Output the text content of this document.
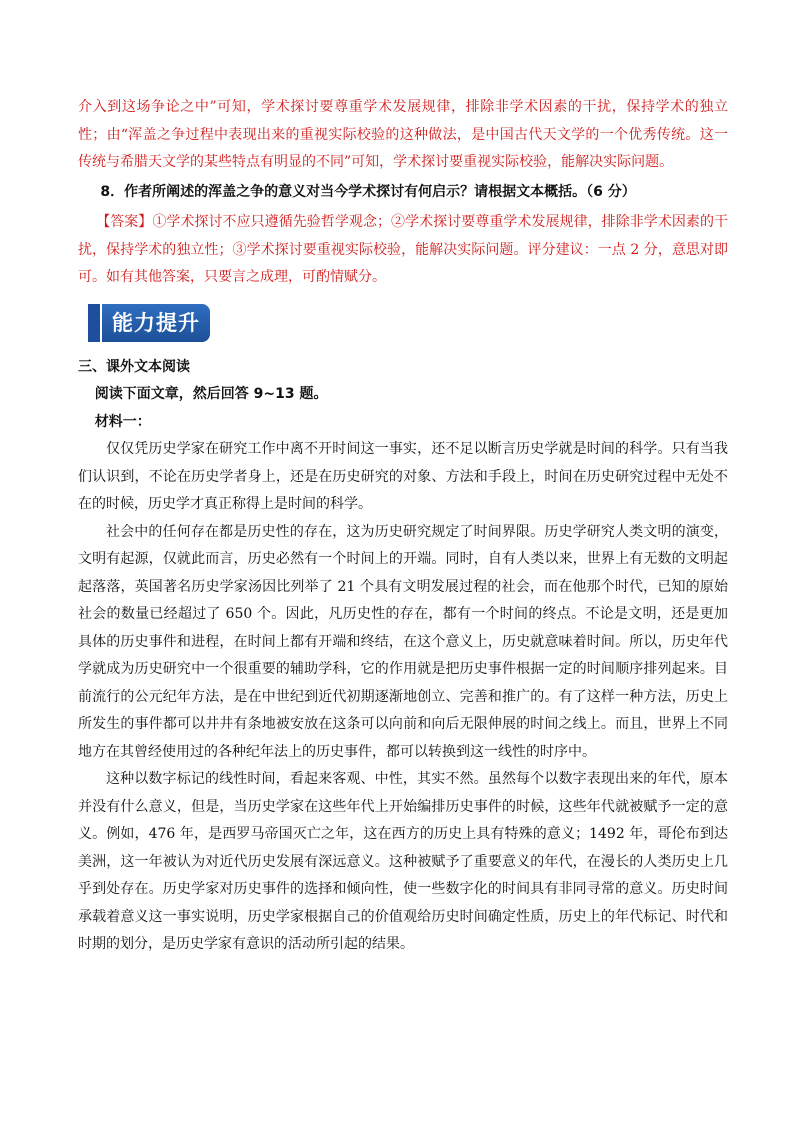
介入到这场争论之中”可知，学术探讨要尊重学术发展规律，排除非学术因素的干扰，保持学术的独立性；由“浑盖之争过程中表现出来的重视实际校验的这种做法，是中国古代天文学的一个优秀传统。这一传统与希腊天文学的某些特点有明显的不同”可知，学术探讨要重视实际校验，能解决实际问题。

8．作者所阐述的浑盖之争的意义对当今学术探讨有何启示？请根据文本概括。（6 分）

【答案】①学术探讨不应只遵循先验哲学观念；②学术探讨要尊重学术发展规律，排除非学术因素的干扰，保持学术的独立性；③学术探讨要重视实际校验，能解决实际问题。评分建议：一点 2 分，意思对即可。如有其他答案，只要言之成理，可酌情赋分。

能力提升

三、课外文本阅读

阅读下面文章，然后回答 9~13 题。

材料一：

仅仅凭历史学家在研究工作中离不开时间这一事实，还不足以断言历史学就是时间的科学。只有当我们认识到，不论在历史学者身上，还是在历史研究的对象、方法和手段上，时间在历史研究过程中无处不在的时候，历史学才真正称得上是时间的科学。

社会中的任何存在都是历史性的存在，这为历史研究规定了时间界限。历史学研究人类文明的演变，文明有起源，仅就此而言，历史必然有一个时间上的开端。同时，自有人类以来，世界上有无数的文明起起落落，英国著名历史学家汤因比列举了 21 个具有文明发展过程的社会，而在他那个时代，已知的原始社会的数量已经超过了 650 个。因此，凡历史性的存在，都有一个时间的终点。不论是文明，还是更加具体的历史事件和进程，在时间上都有开端和终结，在这个意义上，历史就意味着时间。所以，历史年代学就成为历史研究中一个很重要的辅助学科，它的作用就是把历史事件根据一定的时间顺序排列起来。目前流行的公元纪年方法，是在中世纪到近代初期逐渐地创立、完善和推广的。有了这样一种方法，历史上所发生的事件都可以井井有条地被安放在这条可以向前和向后无限伸展的时间之线上。而且，世界上不同地方在其曾经使用过的各种纪年法上的历史事件，都可以转换到这一线性的时序中。

这种以数字标记的线性时间，看起来客观、中性，其实不然。虽然每个以数字表现出来的年代，原本并没有什么意义，但是，当历史学家在这些年代上开始编排历史事件的时候，这些年代就被赋予一定的意义。例如，476 年，是西罗马帝国灭亡之年，这在西方的历史上具有特殊的意义；1492 年，哥伦布到达美洲，这一年被认为对近代历史发展有深远意义。这种被赋予了重要意义的年代，在漫长的人类历史上几乎到处存在。历史学家对历史事件的选择和倾向性，使一些数字化的时间具有非同寻常的意义。历史时间承载着意义这一事实说明，历史学家根据自己的价值观给历史时间确定性质，历史上的年代标记、时代和时期的划分，是历史学家有意识的活动所引起的结果。
